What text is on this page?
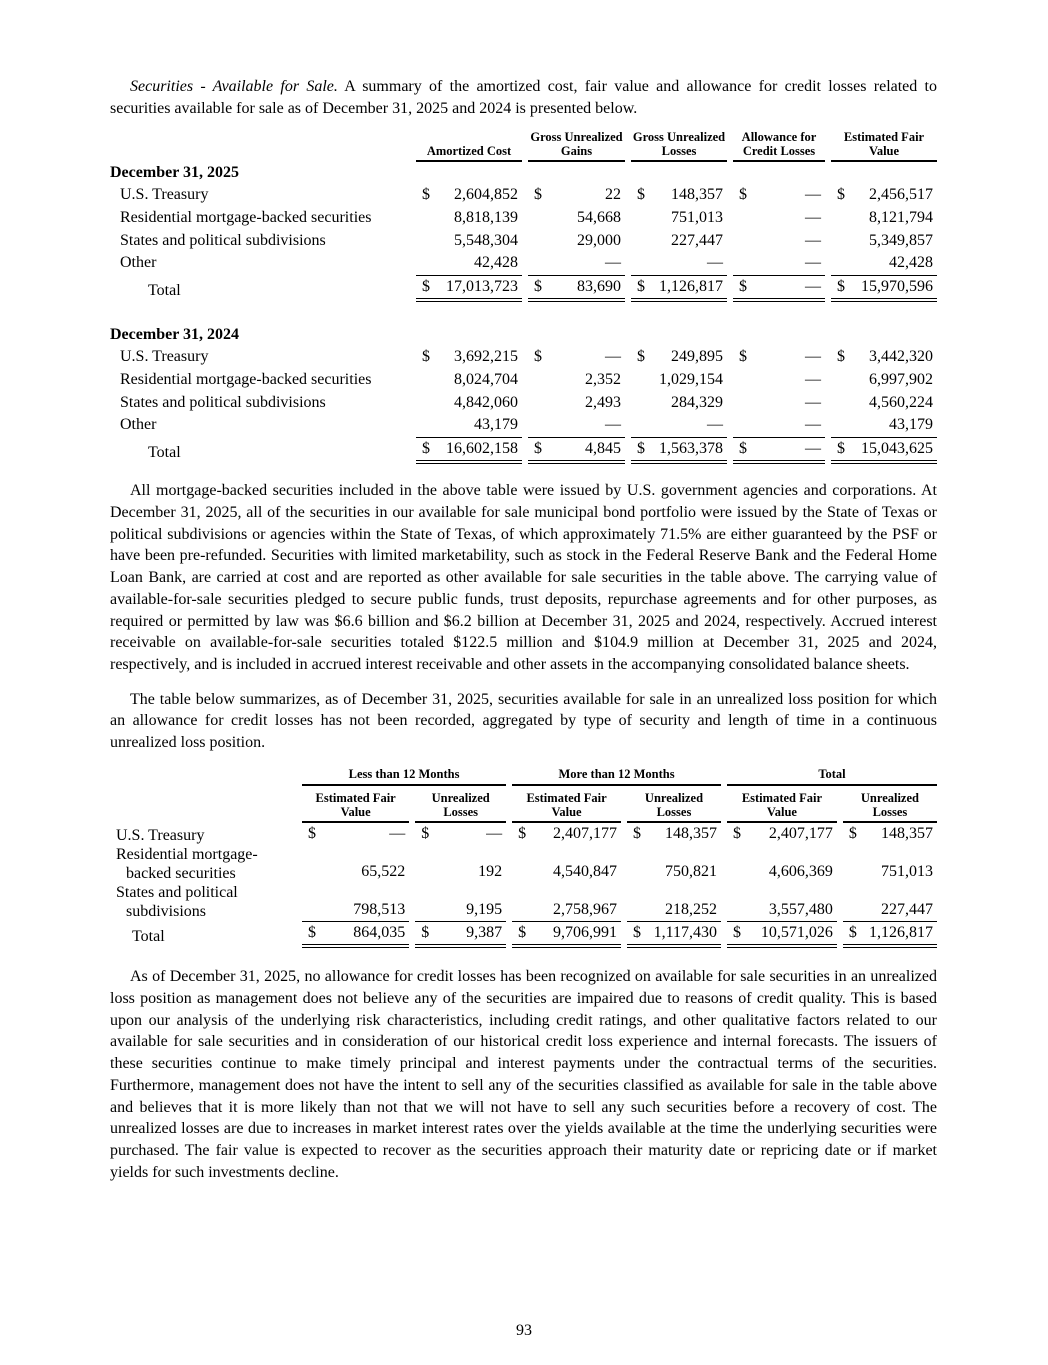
Securities - Available for Sale. A summary of the amortized cost, fair value and allowance for credit losses related to securities available for sale as of December 31, 2025 and 2024 is presented below.

		Amortized Cost		Gross Unrealized Gains		Gross Unrealized Losses		Allowance for Credit Losses		Estimated Fair Value
December 31, 2025										

U.S. Treasury		$ 2,604,852		$ 22		$ 148,357		$ —		$ 2,456,517

Residential mortgage-backed securities		8,818,139		54,668		751,013		—		8,121,794

States and political subdivisions		5,548,304		29,000		227,447		—		5,349,857

Other		42,428		—		—		—		42,428

Total		$ 17,013,723		$ 83,690		$ 1,126,817		$ —		$ 15,970,596

December 31, 2024										

U.S. Treasury		$ 3,692,215		$ —		$ 249,895		$ —		$ 3,442,320

Residential mortgage-backed securities		8,024,704		2,352		1,029,154		—		6,997,902

States and political subdivisions		4,842,060		2,493		284,329		—		4,560,224

Other		43,179		—		—		—		43,179

Total		$ 16,602,158		$ 4,845		$ 1,563,378		$ —		$ 15,043,625

All mortgage-backed securities included in the above table were issued by U.S. government agencies and corporations. At December 31, 2025, all of the securities in our available for sale municipal bond portfolio were issued by the State of Texas or political subdivisions or agencies within the State of Texas, of which approximately 71.5% are either guaranteed by the PSF or have been pre-refunded. Securities with limited marketability, such as stock in the Federal Reserve Bank and the Federal Home Loan Bank, are carried at cost and are reported as other available for sale securities in the table above. The carrying value of available-for-sale securities pledged to secure public funds, trust deposits, repurchase agreements and for other purposes, as required or permitted by law was $6.6 billion and $6.2 billion at December 31, 2025 and 2024, respectively. Accrued interest receivable on available-for-sale securities totaled $122.5 million and $104.9 million at December 31, 2025 and 2024, respectively, and is included in accrued interest receivable and other assets in the accompanying consolidated balance sheets.

The table below summarizes, as of December 31, 2025, securities available for sale in an unrealized loss position for which an allowance for credit losses has not been recorded, aggregated by type of security and length of time in a continuous unrealized loss position.

		Less than 12 Months				More than 12 Months				Total		

		Estimated Fair Value		Unrealized Losses		Estimated Fair Value		Unrealized Losses		Estimated Fair Value		Unrealized Losses

U.S. Treasury		$ —		$ —		$ 2,407,177		$ 148,357		$ 2,407,177		$ 148,357

Residential mortgage-
backed securities		65,522		192		4,540,847		750,821		4,606,369		751,013

States and political
subdivisions		798,513		9,195		2,758,967		218,252		3,557,480		227,447

Total		$ 864,035		$ 9,387		$ 9,706,991		$ 1,117,430		$ 10,571,026		$ 1,126,817

As of December 31, 2025, no allowance for credit losses has been recognized on available for sale securities in an unrealized loss position as management does not believe any of the securities are impaired due to reasons of credit quality. This is based upon our analysis of the underlying risk characteristics, including credit ratings, and other qualitative factors related to our available for sale securities and in consideration of our historical credit loss experience and internal forecasts. The issuers of these securities continue to make timely principal and interest payments under the contractual terms of the securities. Furthermore, management does not have the intent to sell any of the securities classified as available for sale in the table above and believes that it is more likely than not that we will not have to sell any such securities before a recovery of cost. The unrealized losses are due to increases in market interest rates over the yields available at the time the underlying securities were purchased. The fair value is expected to recover as the securities approach their maturity date or repricing date or if market yields for such investments decline.

93
